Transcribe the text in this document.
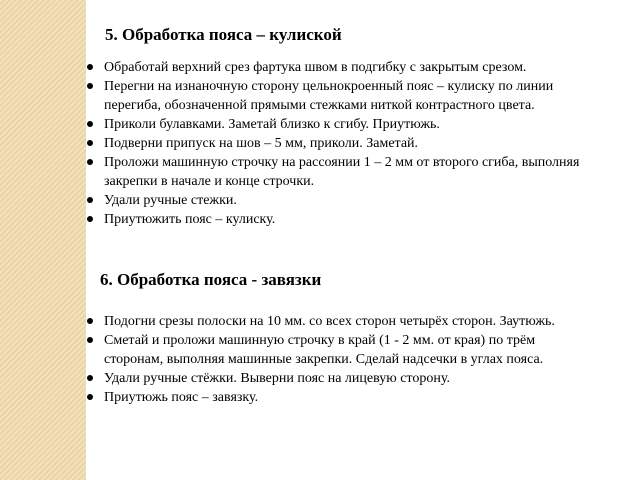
5. Обработка пояса – кулиской
Обработай верхний срез фартука швом в подгибку с закрытым срезом.
Перегни на изнаночную сторону цельнокроенный пояс – кулиску по линии перегиба, обозначенной прямыми стежками ниткой контрастного цвета.
Приколи булавками. Заметай близко к сгибу. Приутюжь.
Подверни припуск на шов – 5 мм, приколи. Заметай.
Проложи машинную строчку на рассоянии 1 – 2 мм от второго сгиба, выполняя закрепки в начале и конце строчки.
Удали ручные стежки.
Приутюжить пояс – кулиску.
6. Обработка пояса - завязки
Подогни срезы полоски на 10 мм. со всех сторон четырёх сторон. Заутюжь.
Сметай и проложи машинную строчку в край (1 - 2 мм. от края) по трём сторонам, выполняя машинные закрепки. Сделай надсечки в углах пояса.
Удали ручные стёжки. Выверни пояс на лицевую сторону.
Приутюжь пояс – завязку.
